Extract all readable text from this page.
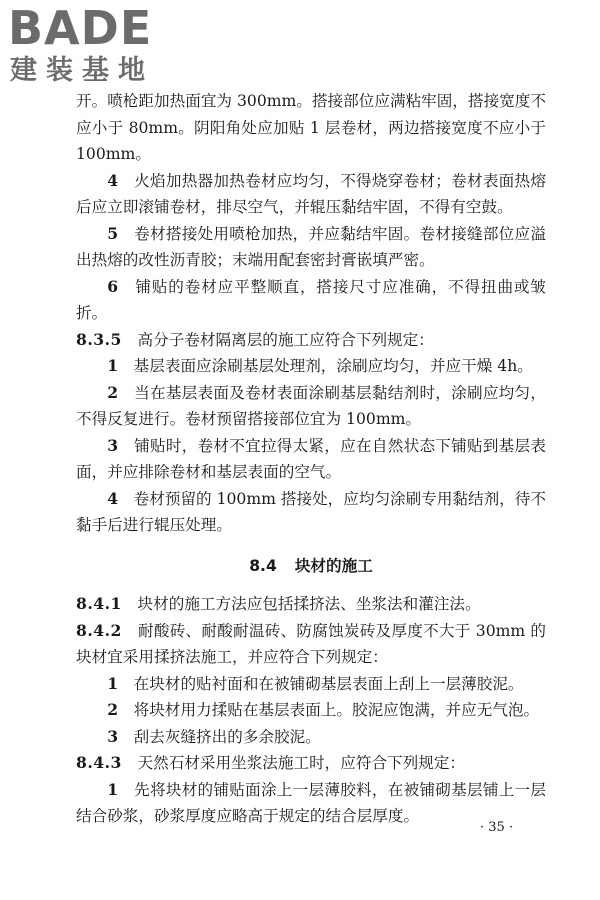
BADE
建装基地

开。喷枪距加热面宜为 300mm。搭接部位应满粘牢固，搭接宽度不应小于 80mm。阴阳角处应加贴 1 层卷材，两边搭接宽度不应小于 100mm。

4　 火焰加热器加热卷材应均匀，不得烧穿卷材；卷材表面热熔后应立即滚铺卷材，排尽空气，并辊压黏结牢固，不得有空鼓。

5　 卷材搭接处用喷枪加热，并应黏结牢固。卷材接缝部位应溢出热熔的改性沥青胶；末端用配套密封膏嵌填严密。

6　 铺贴的卷材应平整顺直，搭接尺寸应准确，不得扭曲或皱折。

8.3.5　 高分子卷材隔离层的施工应符合下列规定：

1　 基层表面应涂刷基层处理剂，涂刷应均匀，并应干燥 4h。

2　 当在基层表面及卷材表面涂刷基层黏结剂时，涂刷应均匀，不得反复进行。卷材预留搭接部位宜为 100mm。

3　 铺贴时，卷材不宜拉得太紧，应在自然状态下铺贴到基层表面，并应排除卷材和基层表面的空气。

4　 卷材预留的 100mm 搭接处，应均匀涂刷专用黏结剂，待不黏手后进行辊压处理。

8.4 块材的施工

8.4.1　 块材的施工方法应包括揉挤法、坐浆法和灌注法。

8.4.2　 耐酸砖、耐酸耐温砖、防腐蚀炭砖及厚度不大于 30mm 的块材宜采用揉挤法施工，并应符合下列规定：

1　 在块材的贴衬面和在被铺砌基层表面上刮上一层薄胶泥。

2　 将块材用力揉贴在基层表面上。胶泥应饱满，并应无气泡。

3　 刮去灰缝挤出的多余胶泥。

8.4.3　 天然石材采用坐浆法施工时，应符合下列规定：

1　 先将块材的铺贴面涂上一层薄胶料，在被铺砌基层铺上一层结合砂浆，砂浆厚度应略高于规定的结合层厚度。

· 35 ·
